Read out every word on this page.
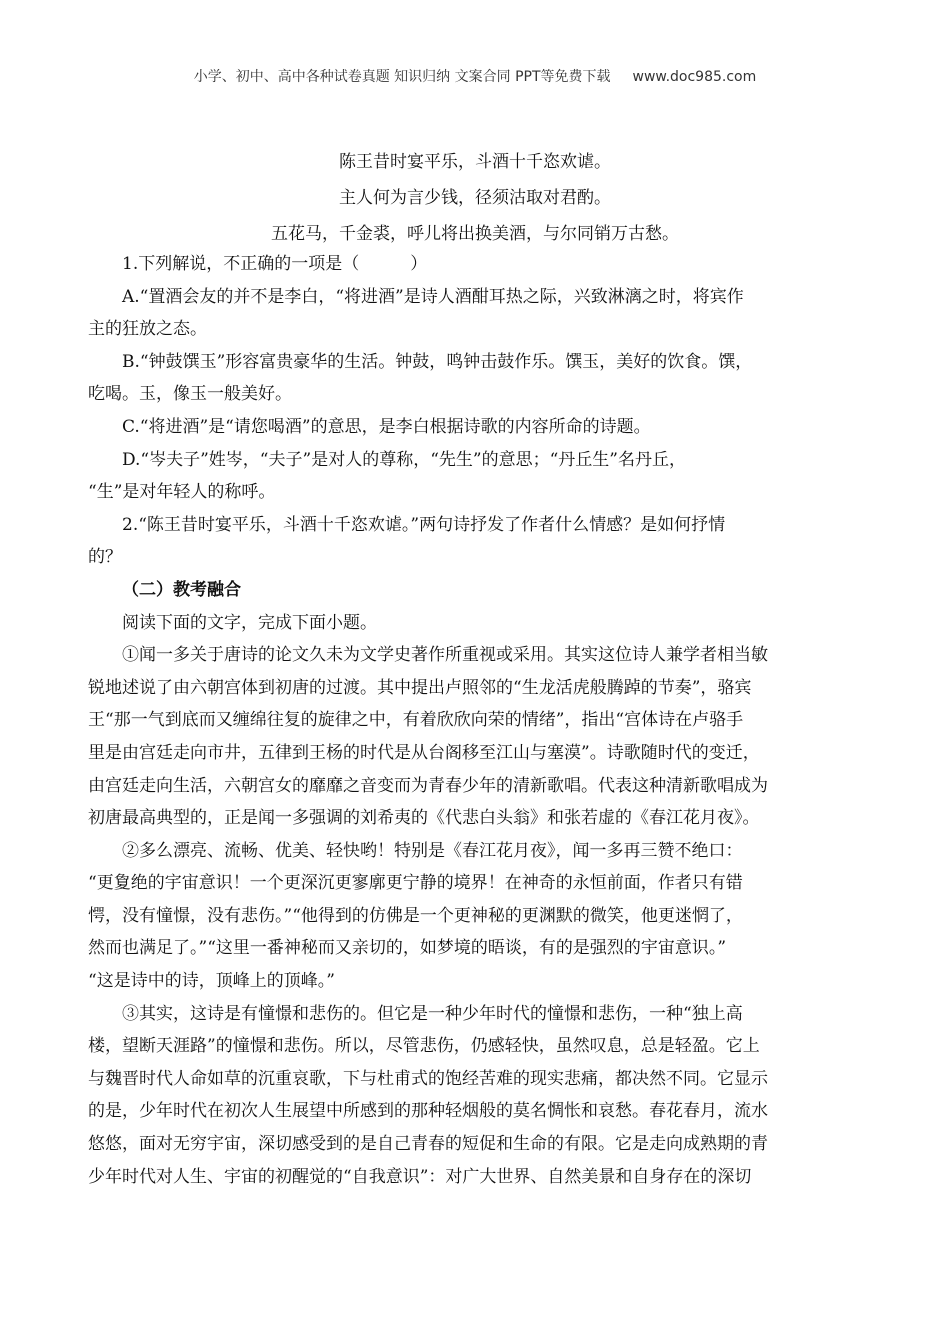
小学、初中、高中各种试卷真题 知识归纳 文案合同 PPT等免费下载 www.doc985.com
陈王昔时宴平乐，斗酒十千恣欢谑。
主人何为言少钱，径须沽取对君酌。
五花马，千金裘，呼儿将出换美酒，与尔同销万古愁。
1.下列解说，不正确的一项是（　　　）
A.“置酒会友的并不是李白，“将进酒”是诗人酒酣耳热之际，兴致淋漓之时，将宾作
主的狂放之态。
B.“钟鼓馔玉”形容富贵豪华的生活。钟鼓，鸣钟击鼓作乐。馔玉，美好的饮食。馔，
吃喝。玉，像玉一般美好。
C.“将进酒”是“请您喝酒”的意思，是李白根据诗歌的内容所命的诗题。
D.“岑夫子”姓岑，“夫子”是对人的尊称，“先生”的意思；“丹丘生”名丹丘，
“生”是对年轻人的称呼。
2.“陈王昔时宴平乐，斗酒十千恣欢谑。”两句诗抒发了作者什么情感？是如何抒情
的？
（二）教考融合
阅读下面的文字，完成下面小题。
①闻一多关于唐诗的论文久未为文学史著作所重视或采用。其实这位诗人兼学者相当敏
锐地述说了由六朝宫体到初唐的过渡。其中提出卢照邻的“生龙活虎般腾踔的节奏”，骆宾
王“那一气到底而又缠绵往复的旋律之中，有着欣欣向荣的情绪”，指出“宫体诗在卢骆手
里是由宫廷走向市井，五律到王杨的时代是从台阁移至江山与塞漠”。诗歌随时代的变迁，
由宫廷走向生活，六朝宫女的靡靡之音变而为青春少年的清新歌唱。代表这种清新歌唱成为
初唐最高典型的，正是闻一多强调的刘希夷的《代悲白头翁》和张若虚的《春江花月夜》。
②多么漂亮、流畅、优美、轻快哟！特别是《春江花月夜》，闻一多再三赞不绝口：
“更夐绝的宇宙意识！一个更深沉更寥廓更宁静的境界！在神奇的永恒前面，作者只有错
愕，没有憧憬，没有悲伤。”“他得到的仿佛是一个更神秘的更渊默的微笑，他更迷惘了，
然而也满足了。”“这里一番神秘而又亲切的，如梦境的晤谈，有的是强烈的宇宙意识。”
“这是诗中的诗，顶峰上的顶峰。”
③其实，这诗是有憧憬和悲伤的。但它是一种少年时代的憧憬和悲伤，一种“独上高
楼，望断天涯路”的憧憬和悲伤。所以，尽管悲伤，仍感轻快，虽然叹息，总是轻盈。它上
与魏晋时代人命如草的沉重哀歌，下与杜甫式的饱经苦难的现实悲痛，都决然不同。它显示
的是，少年时代在初次人生展望中所感到的那种轻烟般的莫名惆怅和哀愁。春花春月，流水
悠悠，面对无穷宇宙，深切感受到的是自己青春的短促和生命的有限。它是走向成熟期的青
少年时代对人生、宇宙的初醒觉的“自我意识”：对广大世界、自然美景和自身存在的深切
